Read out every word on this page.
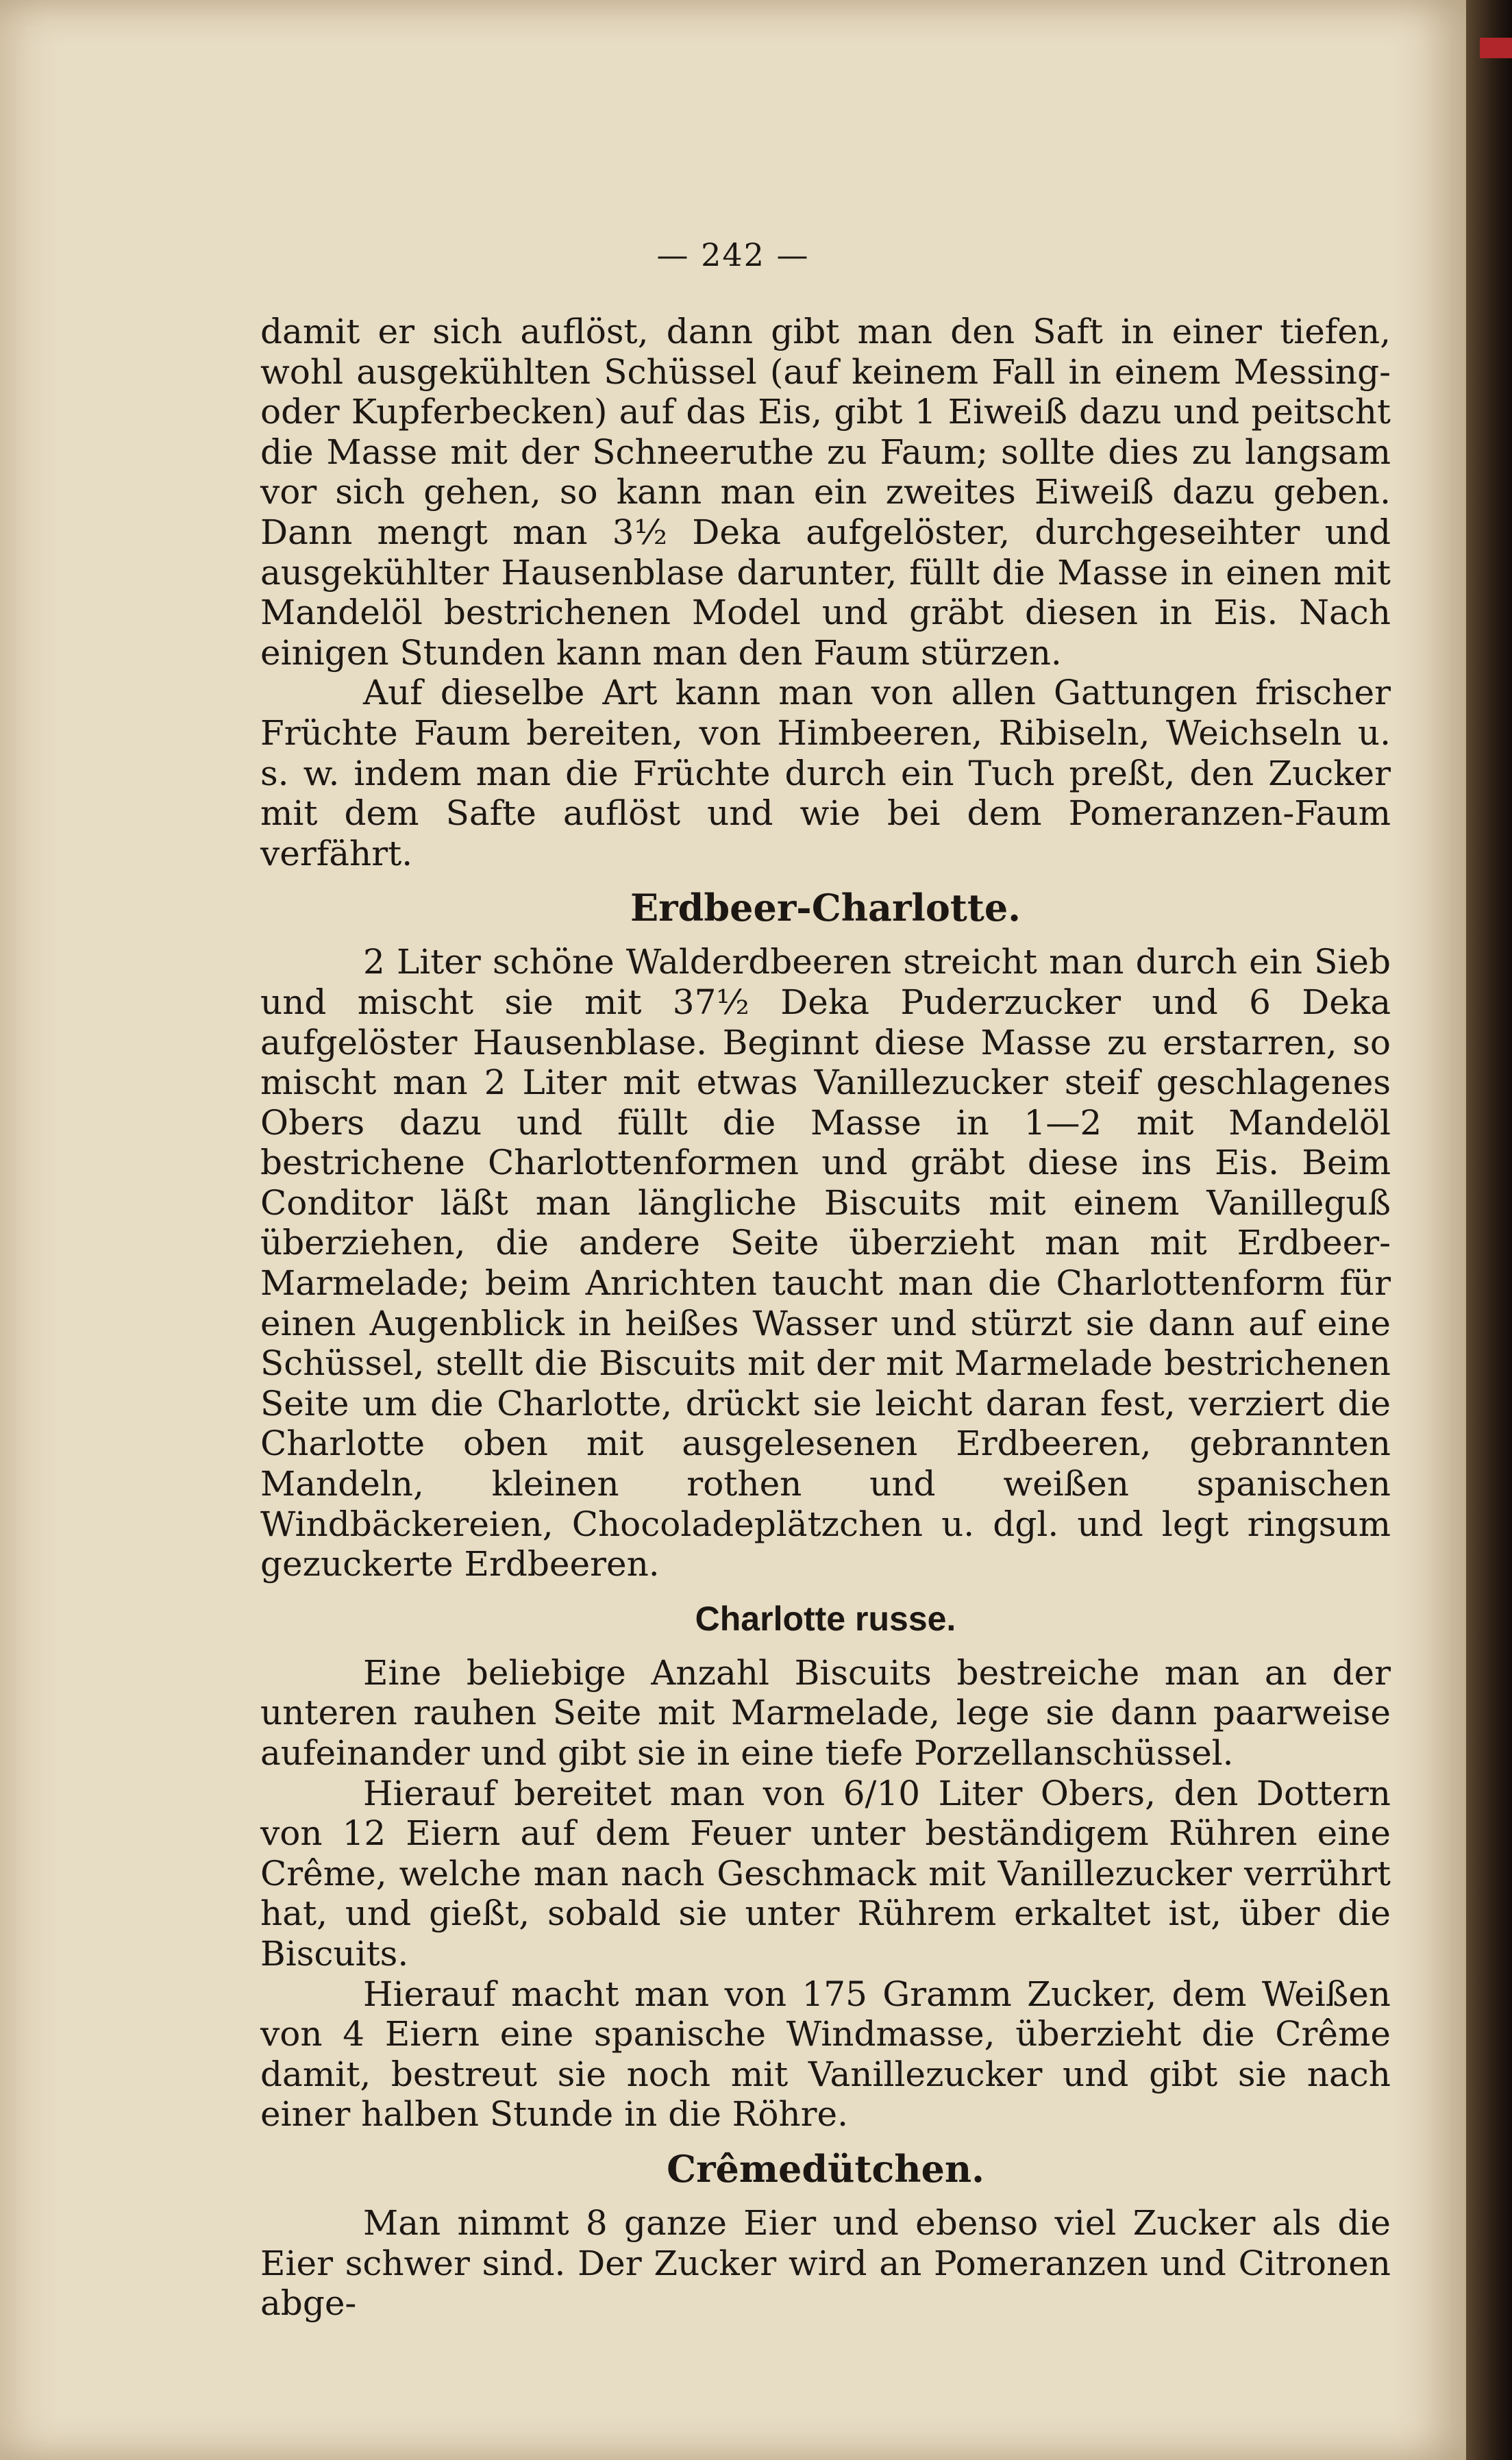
— 242 —

damit er sich auflöst, dann gibt man den Saft in einer tiefen, wohl ausgekühlten Schüssel (auf keinem Fall in einem Messing- oder Kupferbecken) auf das Eis, gibt 1 Eiweiß dazu und peitscht die Masse mit der Schneeruthe zu Faum; sollte dies zu langsam vor sich gehen, so kann man ein zweites Eiweiß dazu geben. Dann mengt man 3½ Deka aufgelöster, durchgeseihter und ausgekühlter Hausenblase darunter, füllt die Masse in einen mit Mandelöl bestrichenen Model und gräbt diesen in Eis. Nach einigen Stunden kann man den Faum stürzen.

Auf dieselbe Art kann man von allen Gattungen frischer Früchte Faum bereiten, von Himbeeren, Ribiseln, Weichseln u. s. w. indem man die Früchte durch ein Tuch preßt, den Zucker mit dem Safte auflöst und wie bei dem Pomeranzen-Faum verfährt.

Erdbeer-Charlotte.

2 Liter schöne Walderdbeeren streicht man durch ein Sieb und mischt sie mit 37½ Deka Puderzucker und 6 Deka aufgelöster Hausenblase. Beginnt diese Masse zu erstarren, so mischt man 2 Liter mit etwas Vanillezucker steif geschlagenes Obers dazu und füllt die Masse in 1—2 mit Mandelöl bestrichene Charlottenformen und gräbt diese ins Eis. Beim Conditor läßt man längliche Biscuits mit einem Vanilleguß überziehen, die andere Seite überzieht man mit Erdbeer-Marmelade; beim Anrichten taucht man die Charlottenform für einen Augenblick in heißes Wasser und stürzt sie dann auf eine Schüssel, stellt die Biscuits mit der mit Marmelade bestrichenen Seite um die Charlotte, drückt sie leicht daran fest, verziert die Charlotte oben mit ausgelesenen Erdbeeren, gebrannten Mandeln, kleinen rothen und weißen spanischen Windbäckereien, Chocoladeplätzchen u. dgl. und legt ringsum gezuckerte Erdbeeren.

Charlotte russe.

Eine beliebige Anzahl Biscuits bestreiche man an der unteren rauhen Seite mit Marmelade, lege sie dann paarweise aufeinander und gibt sie in eine tiefe Porzellanschüssel.

Hierauf bereitet man von 6/10 Liter Obers, den Dottern von 12 Eiern auf dem Feuer unter beständigem Rühren eine Crême, welche man nach Geschmack mit Vanillezucker verrührt hat, und gießt, sobald sie unter Rührem erkaltet ist, über die Biscuits.

Hierauf macht man von 175 Gramm Zucker, dem Weißen von 4 Eiern eine spanische Windmasse, überzieht die Crême damit, bestreut sie noch mit Vanillezucker und gibt sie nach einer halben Stunde in die Röhre.

Crêmedütchen.

Man nimmt 8 ganze Eier und ebenso viel Zucker als die Eier schwer sind. Der Zucker wird an Pomeranzen und Citronen abge-
